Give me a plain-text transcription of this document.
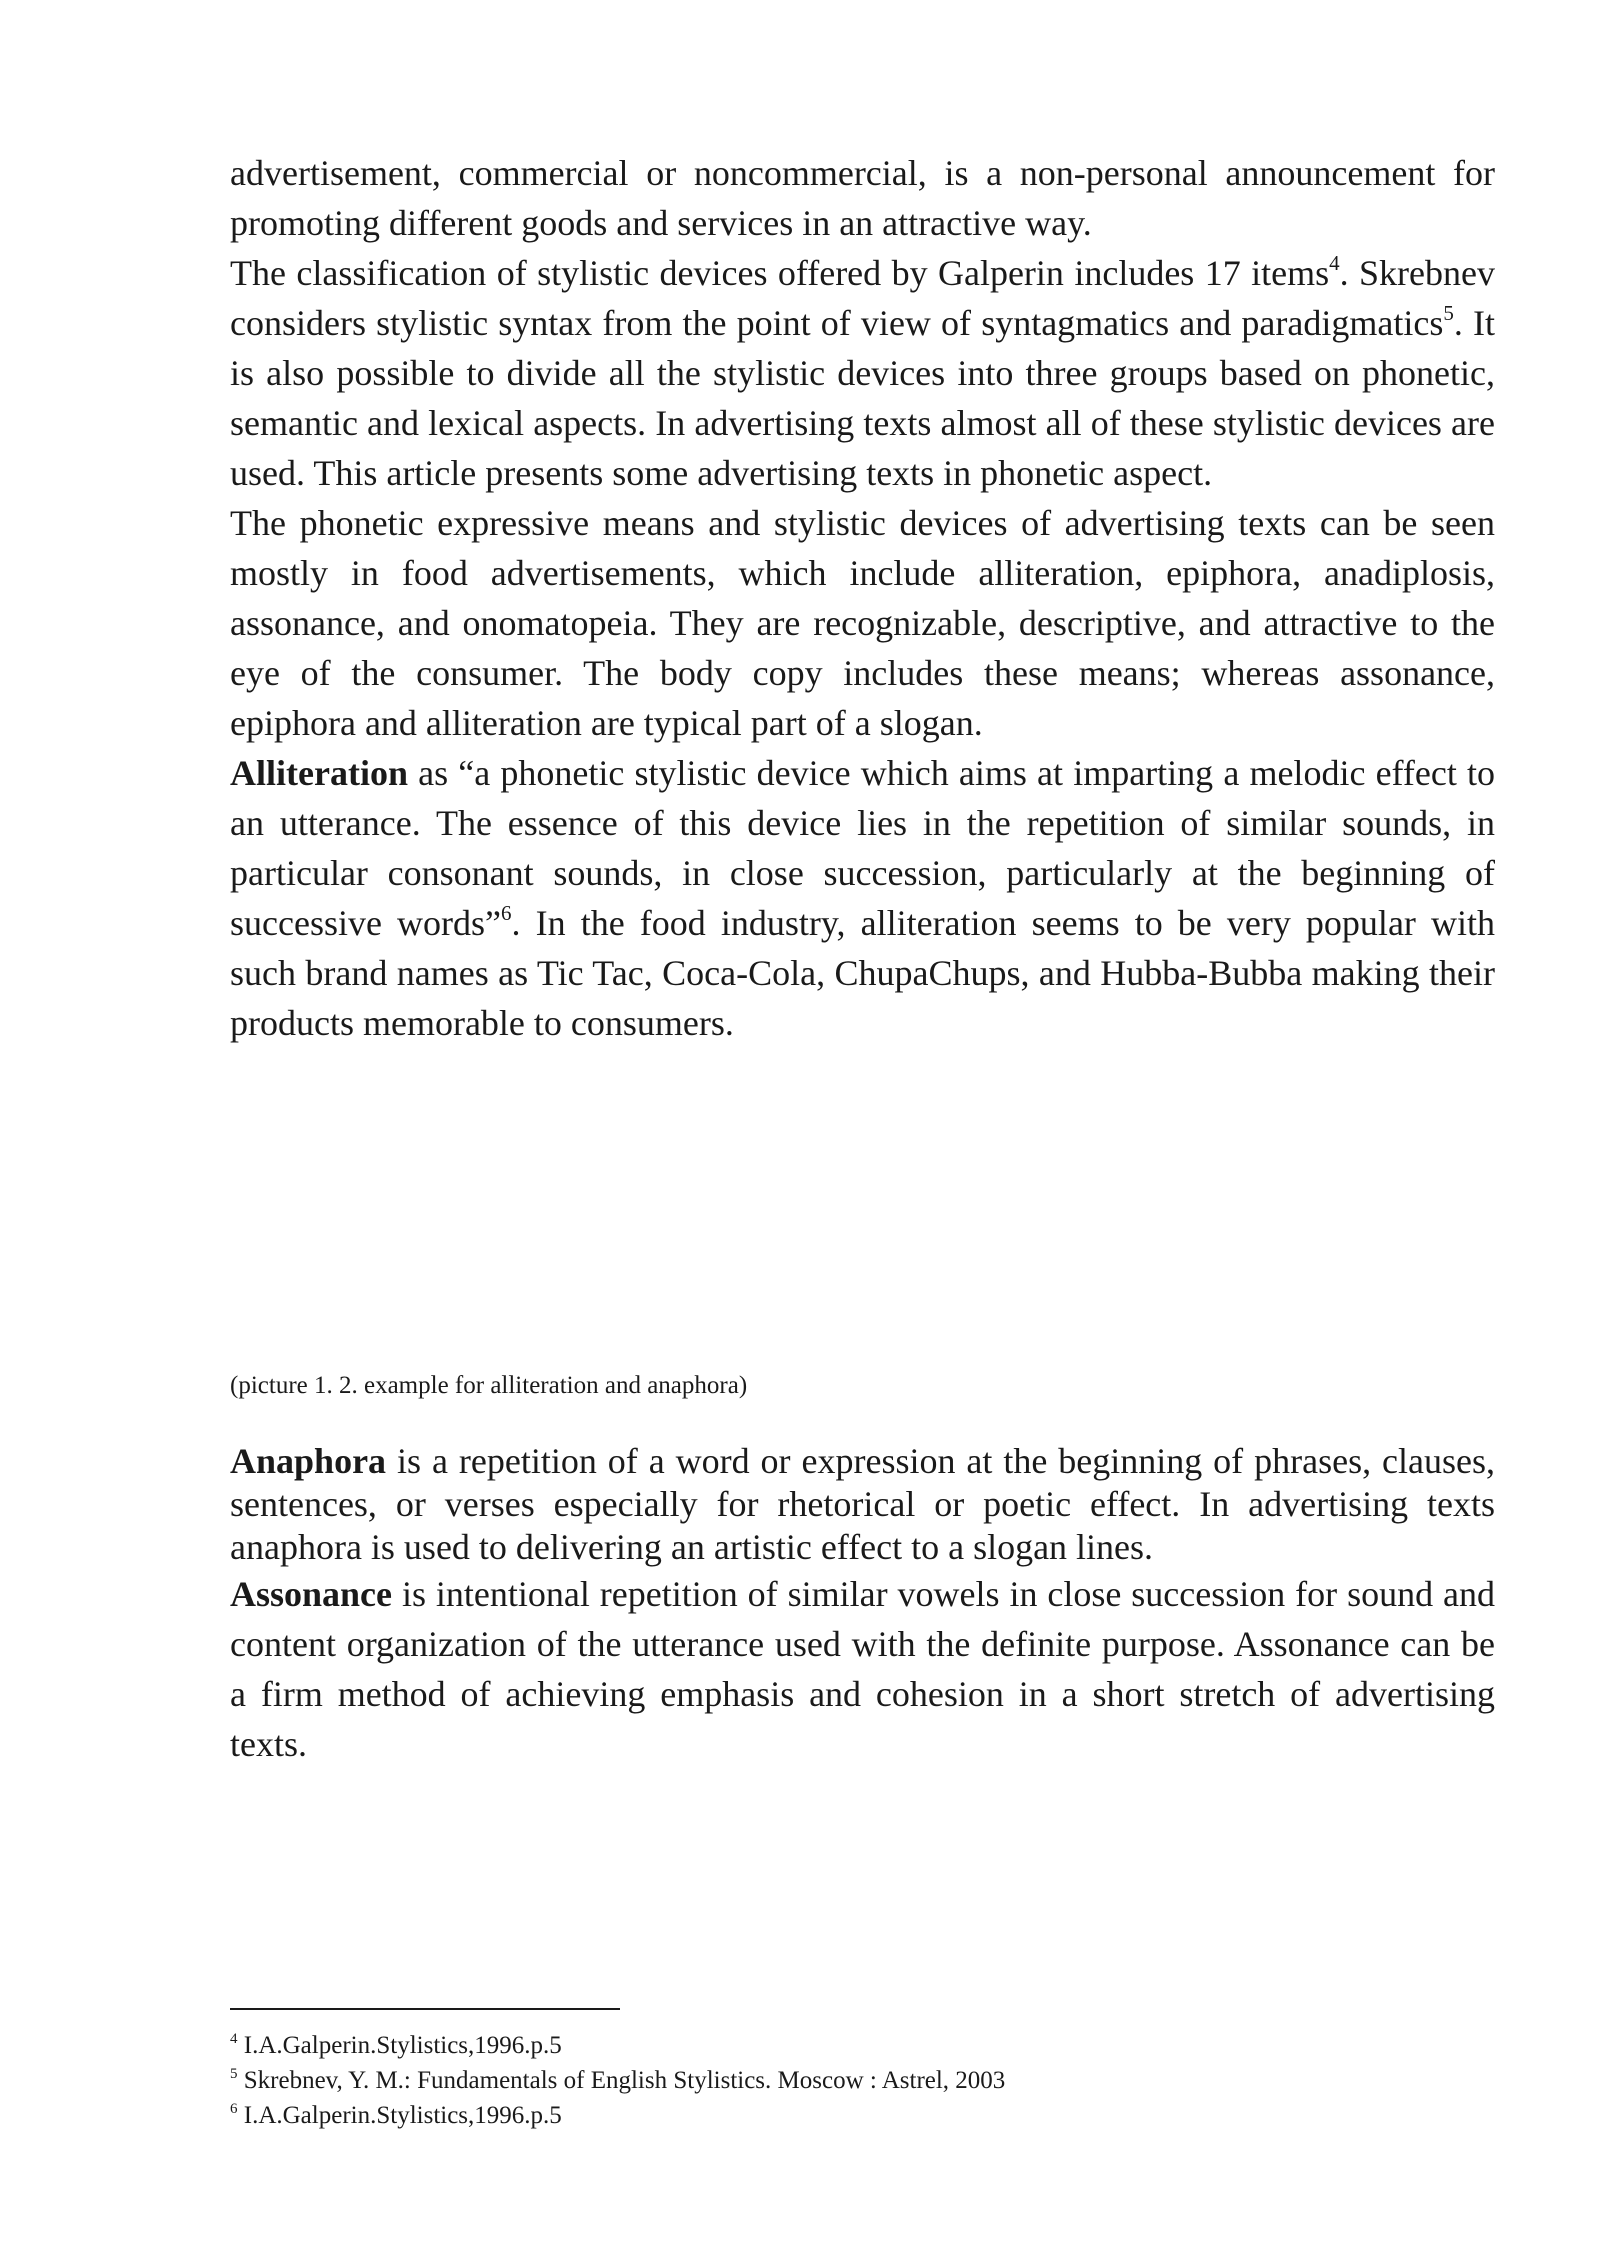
advertisement, commercial or noncommercial, is a non-personal announcement for promoting different goods and services in an attractive way.

The classification of stylistic devices offered by Galperin includes 17 items$^4$. Skrebnev considers stylistic syntax from the point of view of syntagmatics and paradigmatics$^5$. It is also possible to divide all the stylistic devices into three groups based on phonetic, semantic and lexical aspects. In advertising texts almost all of these stylistic devices are used. This article presents some advertising texts in phonetic aspect.

The phonetic expressive means and stylistic devices of advertising texts can be seen mostly in food advertisements, which include alliteration, epiphora, anadiplosis, assonance, and onomatopeia. They are recognizable, descriptive, and attractive to the eye of the consumer. The body copy includes these means; whereas assonance, epiphora and alliteration are typical part of a slogan.

Alliteration as “a phonetic stylistic device which aims at imparting a melodic effect to an utterance. The essence of this device lies in the repetition of similar sounds, in particular consonant sounds, in close succession, particularly at the beginning of successive words”$^6$. In the food industry, alliteration seems to be very popular with such brand names as Tic Tac, Coca-Cola, ChupaChups, and Hubba-Bubba making their products memorable to consumers.

(picture 1. 2. example for alliteration and anaphora)

Anaphora is a repetition of a word or expression at the beginning of phrases, clauses, sentences, or verses especially for rhetorical or poetic effect. In advertising texts anaphora is used to delivering an artistic effect to a slogan lines.

Assonance is intentional repetition of similar vowels in close succession for sound and content organization of the utterance used with the definite purpose. Assonance can be a firm method of achieving emphasis and cohesion in a short stretch of advertising texts.

$^4$ I.A.Galperin.Stylistics,1996.p.5

$^5$ Skrebnev, Y. M.: Fundamentals of English Stylistics. Moscow : Astrel, 2003

$^6$ I.A.Galperin.Stylistics,1996.p.5
